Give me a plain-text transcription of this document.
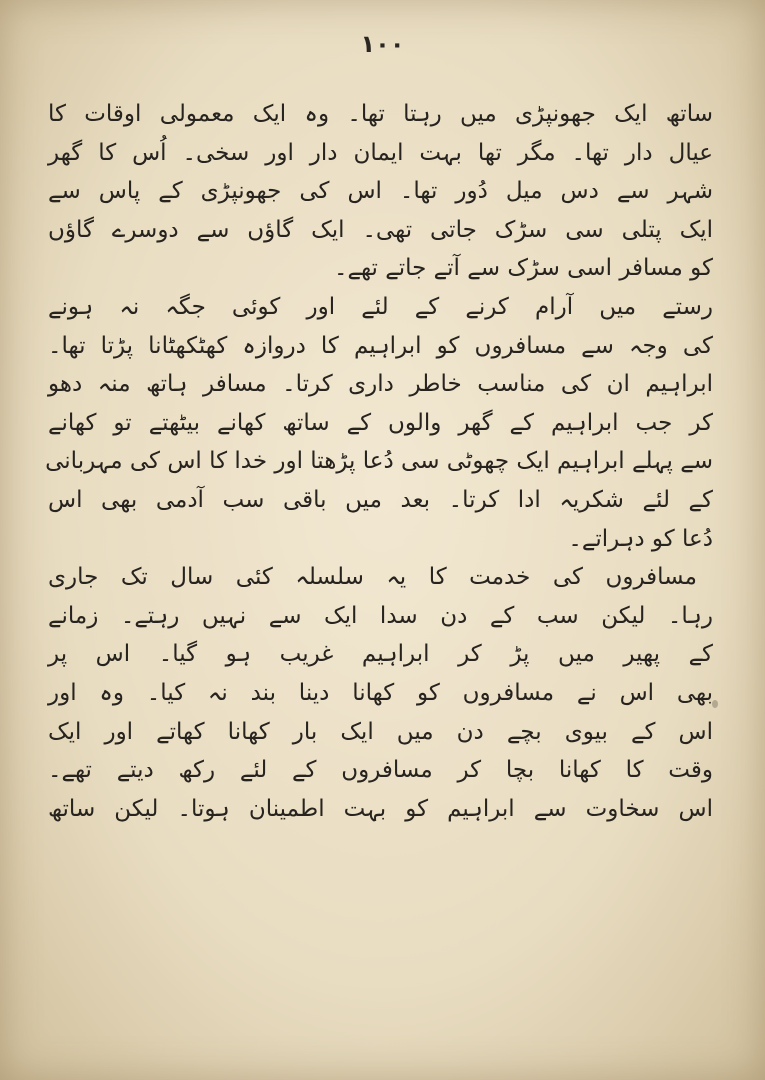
١٠٠
ساتھ ایک جھونپڑی میں رہتا تھا۔ وہ ایک معمولی اوقات کا
عیال دار تھا۔ مگر تھا بہت ایمان دار اور سخی۔ اُس کا گھر
شہر سے دس میل دُور تھا۔ اس کی جھونپڑی کے پاس سے
ایک پتلی سی سڑک جاتی تھی۔ ایک گاؤں سے دوسرے گاؤں
کو مسافر اسی سڑک سے آتے جاتے تھے۔
رستے میں آرام کرنے کے لئے اور کوئی جگہ نہ ہونے
کی وجہ سے مسافروں کو ابراہیم کا دروازہ کھٹکھٹانا پڑتا تھا۔
ابراہیم ان کی مناسب خاطر داری کرتا۔ مسافر ہاتھ منہ دھو
کر جب ابراہیم کے گھر والوں کے ساتھ کھانے بیٹھتے تو کھانے
سے پہلے ابراہیم ایک چھوٹی سی دُعا پڑھتا اور خدا کا اس کی مہربانی
کے لئے شکریہ ادا کرتا۔ بعد میں باقی سب آدمی بھی اس
دُعا کو دہراتے۔
مسافروں کی خدمت کا یہ سلسلہ کئی سال تک جاری
رہا۔ لیکن سب کے دن سدا ایک سے نہیں رہتے۔ زمانے
کے پھیر میں پڑ کر ابراہیم غریب ہو گیا۔ اس پر
بھی اس نے مسافروں کو کھانا دینا بند نہ کیا۔ وہ اور
اس کے بیوی بچے دن میں ایک بار کھانا کھاتے اور ایک
وقت کا کھانا بچا کر مسافروں کے لئے رکھ دیتے تھے۔
اس سخاوت سے ابراہیم کو بہت اطمینان ہوتا۔ لیکن ساتھ
